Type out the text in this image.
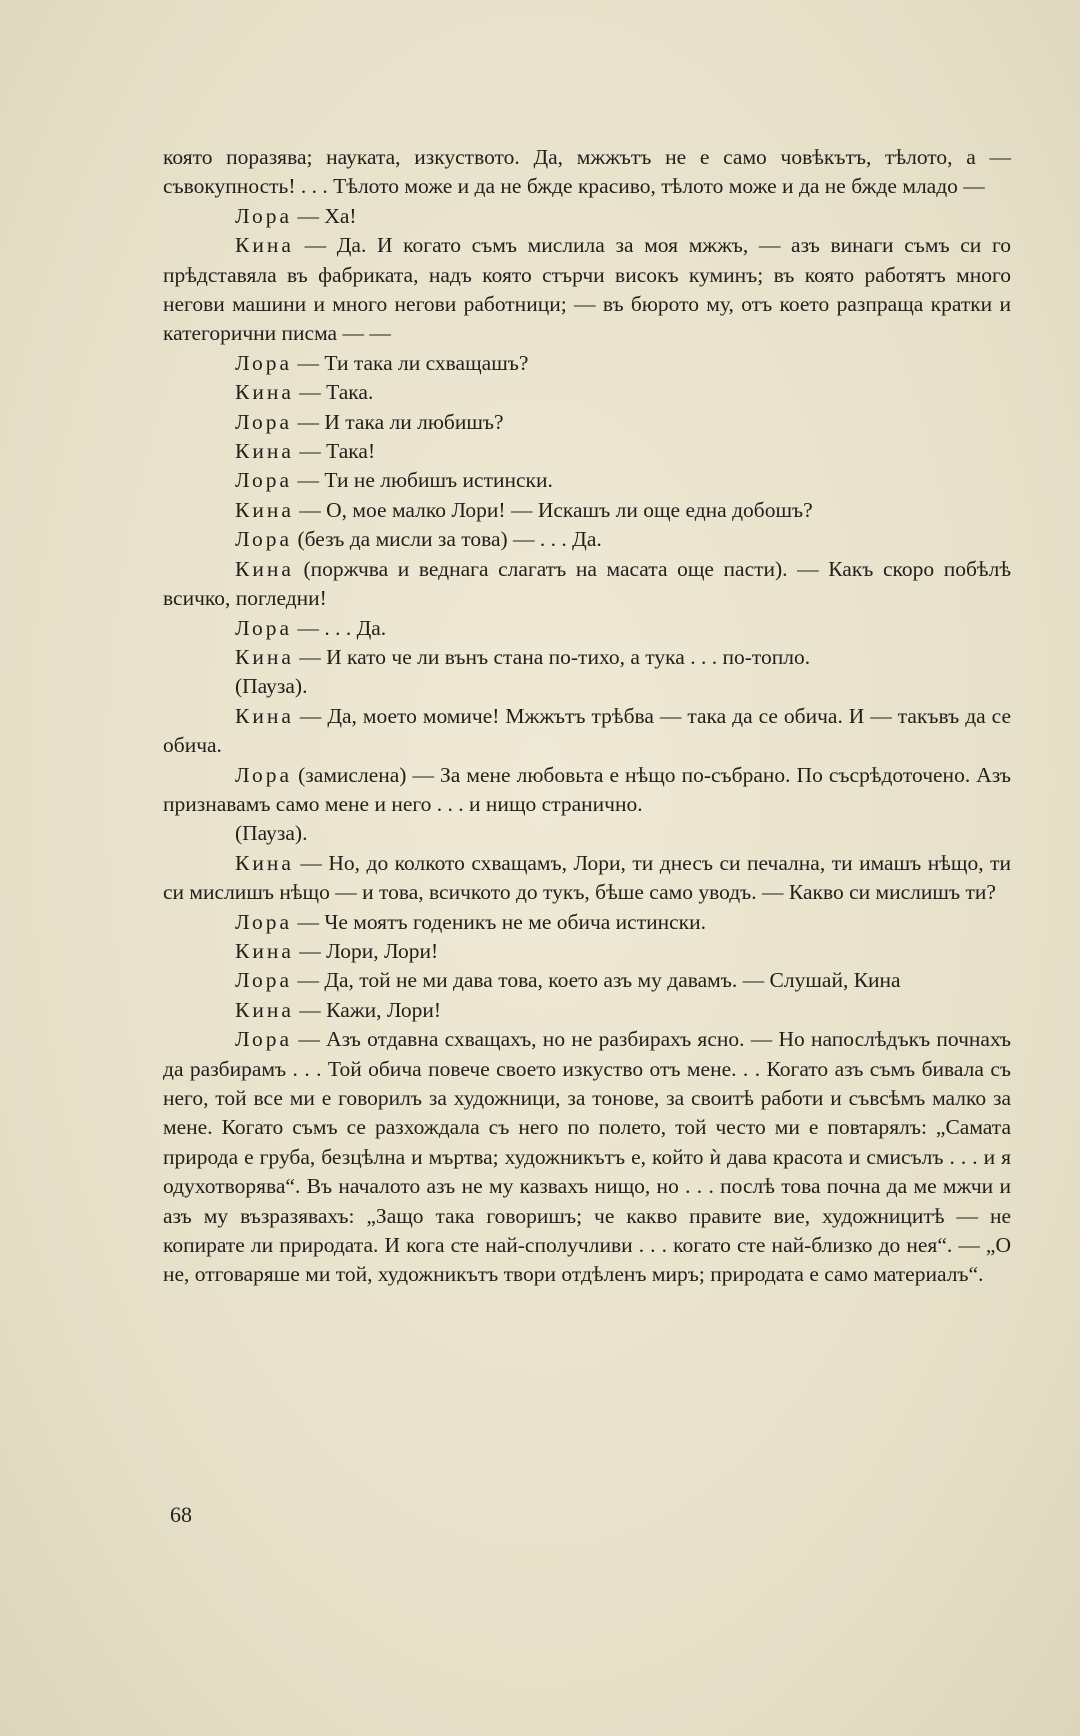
която поразява; науката, изкуството. Да, мжжътъ не е само човѣкътъ, тѣлото, а — съвокупность! . . . Тѣлото може и да не бжде красиво, тѣлото може и да не бжде младо —

Лора — Ха!

Кина — Да. И когато съмъ мислила за моя мжжъ, — азъ винаги съмъ си го прѣдставяла въ фабриката, надъ която стърчи високъ куминъ; въ която работятъ много негови машини и много негови работници; — въ бюрото му, отъ което разпраща кратки и категорични писма — —

Лора — Ти така ли схващашъ?

Кина — Така.

Лора — И така ли любишъ?

Кина — Така!

Лора — Ти не любишъ истински.

Кина — О, мое малко Лори! — Искашъ ли още една добошъ?

Лора (безъ да мисли за това) — . . . Да.

Кина (поржчва и веднага слагатъ на масата още пасти). — Какъ скоро побѣлѣ всичко, погледни!

Лора — . . . Да.

Кина — И като че ли вънъ стана по-тихо, а тука . . . по-топло.

(Пауза).

Кина — Да, моето момиче! Мжжътъ трѣбва — така да се обича. И — такъвъ да се обича.

Лора (замислена) — За мене любовьта е нѣщо по-събрано. По съсрѣдоточено. Азъ признавамъ само мене и него . . . и нищо странично.

(Пауза).

Кина — Но, до колкото схващамъ, Лори, ти днесъ си печална, ти имашъ нѣщо, ти си мислишъ нѣщо — и това, всичкото до тукъ, бѣше само уводъ. — Какво си мислишъ ти?

Лора — Че моятъ годеникъ не ме обича истински.

Кина — Лори, Лори!

Лора — Да, той не ми дава това, което азъ му давамъ. — Слушай, Кина

Кина — Кажи, Лори!

Лора — Азъ отдавна схващахъ, но не разбирахъ ясно. — Но напослѣдъкъ почнахъ да разбирамъ . . . Той обича повече своето изкуство отъ мене. . . Когато азъ съмъ бивала съ него, той все ми е говорилъ за художници, за тонове, за своитѣ работи и съвсѣмъ малко за мене. Когато съмъ се разхождала съ него по полето, той често ми е повтарялъ: „Самата природа е груба, безцѣлна и мъртва; художникътъ е, който ѝ дава красота и смисълъ . . . и я одухотворява“. Въ началото азъ не му казвахъ нищо, но . . . послѣ това почна да ме мжчи и азъ му възразявахъ: „Защо така говоришъ; че какво правите вие, художницитѣ — не копирате ли природата. И кога сте най-сполучливи . . . когато сте най-близко до нея“. — „О не, отговаряше ми той, художникътъ твори отдѣленъ миръ; природата е само материалъ“.

68
